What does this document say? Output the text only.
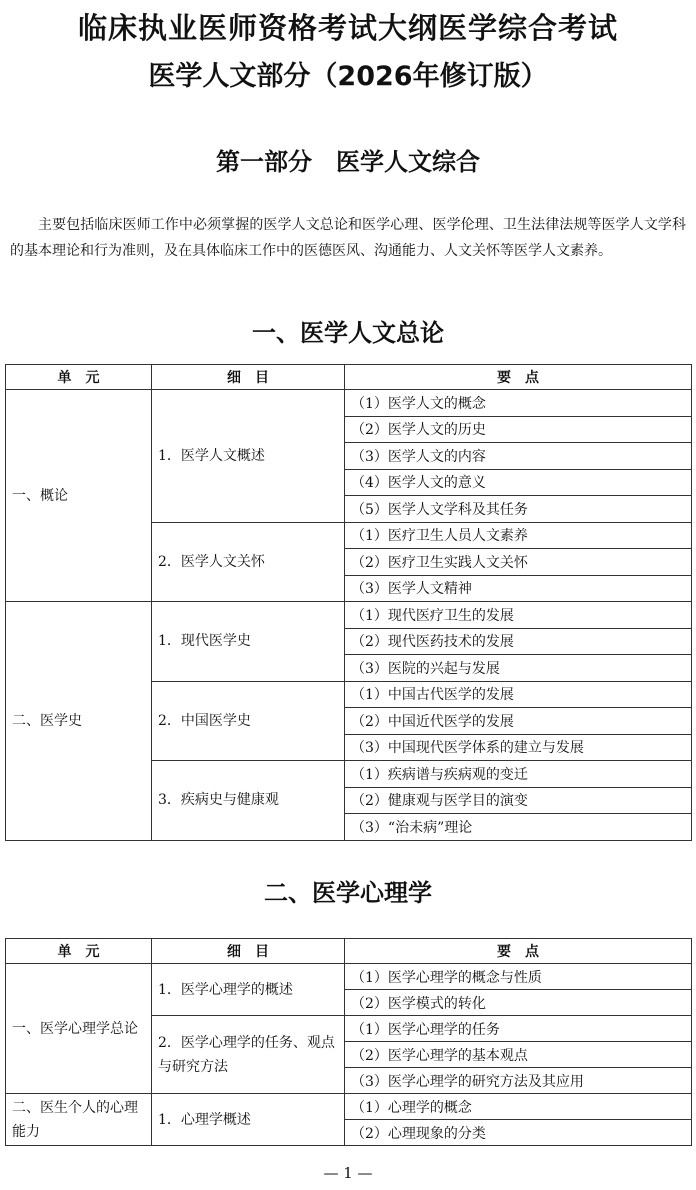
临床执业医师资格考试大纲医学综合考试
医学人文部分（2026年修订版）
第一部分　医学人文综合

主要包括临床医师工作中必须掌握的医学人文总论和医学心理、医学伦理、卫生法律法规等医学人文学科的基本理论和行为准则，及在具体临床工作中的医德医风、沟通能力、人文关怀等医学人文素养。

一、医学人文总论
单　元	细　目	要　点
一、概论	1．医学人文概述	（1）医学人文的概念
		（2）医学人文的历史
		（3）医学人文的内容
		（4）医学人文的意义
		（5）医学人文学科及其任务
	2．医学人文关怀	（1）医疗卫生人员人文素养
		（2）医疗卫生实践人文关怀
		（3）医学人文精神
二、医学史	1．现代医学史	（1）现代医疗卫生的发展
		（2）现代医药技术的发展
		（3）医院的兴起与发展
	2．中国医学史	（1）中国古代医学的发展
		（2）中国近代医学的发展
		（3）中国现代医学体系的建立与发展
	3．疾病史与健康观	（1）疾病谱与疾病观的变迁
		（2）健康观与医学目的演变
		（3）“治未病”理论
二、医学心理学
单　元	细　目	要　点
一、医学心理学总论	1．医学心理学的概述	（1）医学心理学的概念与性质
		（2）医学模式的转化
	2．医学心理学的任务、观点与研究方法	（1）医学心理学的任务
		（2）医学心理学的基本观点
		（3）医学心理学的研究方法及其应用
二、医生个人的心理能力	1．心理学概述	（1）心理学的概念
		（2）心理现象的分类
— 1 —
